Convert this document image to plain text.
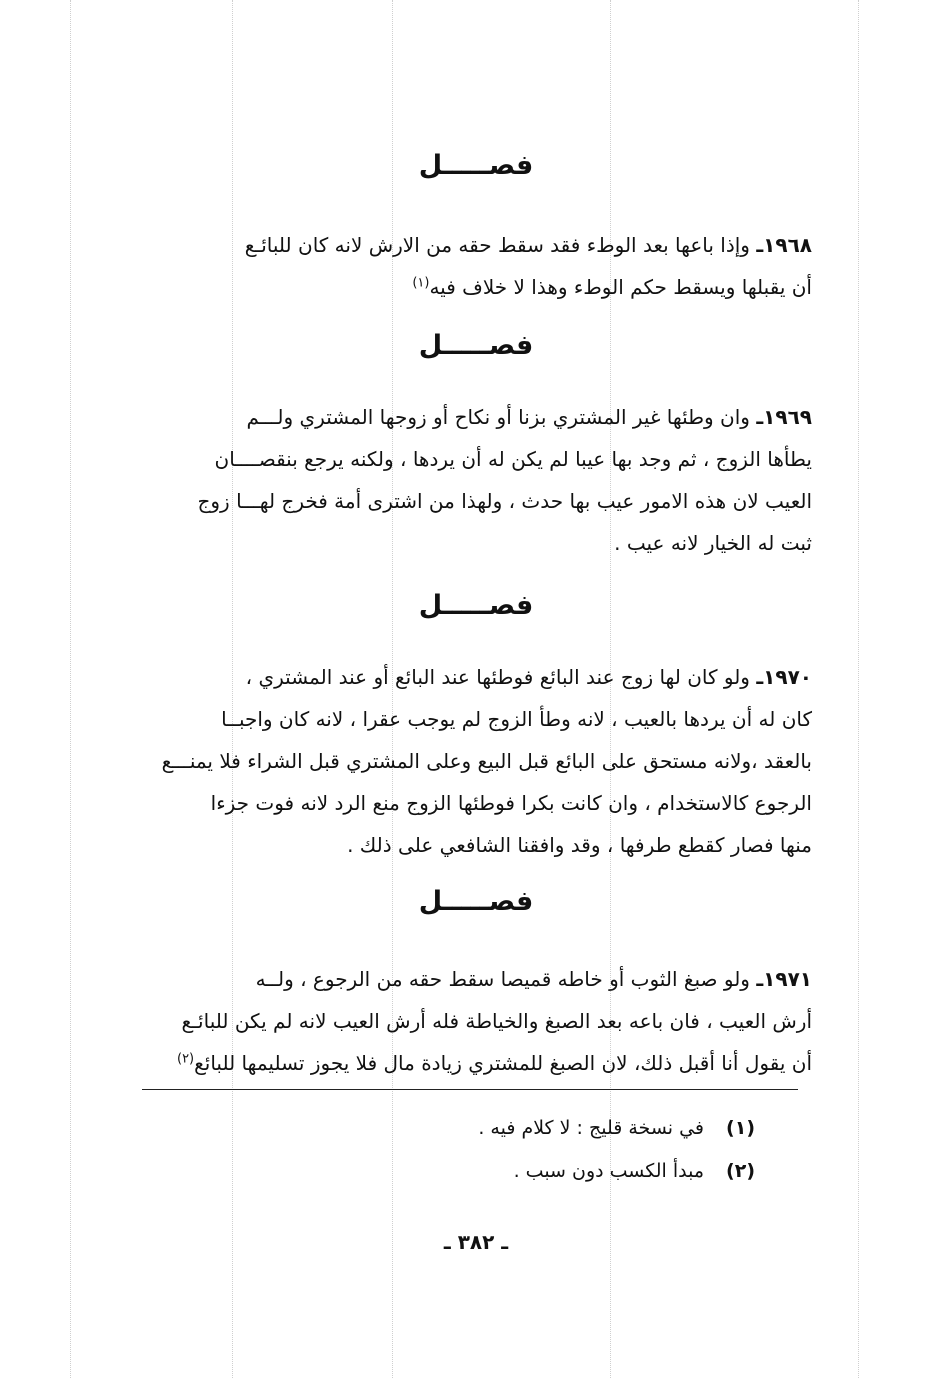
فصـــــل
١٩٦٨ـ وإذا باعها بعد الوطء فقد سقط حقه من الارش لانه كان للبائـع
أن يقبلها ويسقط حكم الوطء وهذا لا خلاف فيه$^{(١)}$
فصـــــل
١٩٦٩ـ وان وطئها غير المشتري بزنا أو نكاح أو زوجها المشتري ولـــم
يطأها الزوج ، ثم وجد بها عيبا لم يكن له أن يردها ، ولكنه يرجع بنقصــــان
العيب لان هذه الامور عيب بها حدث ، ولهذا من اشترى أمة فخرج لهـــا زوج
ثبت له الخيار لانه عيب .
فصـــــل
١٩٧٠ـ ولو كان لها زوج عند البائع فوطئها عند البائع أو عند المشتري ،
كان له أن يردها بالعيب ، لانه وطأ الزوج لم يوجب عقرا ، لانه كان واجبــا
بالعقد ،ولانه مستحق على البائع قبل البيع وعلى المشتري قبل الشراء فلا يمنـــع
الرجوع كالاستخدام ، وان كانت بكرا فوطئها الزوج منع الرد لانه فوت جزءا
منها فصار كقطع طرفها ، وقد وافقنا الشافعي على ذلك .
فصـــــل
١٩٧١ـ ولو صبغ الثوب أو خاطه قميصا سقط حقه من الرجوع ، ولــه
أرش العيب ، فان باعه بعد الصبغ والخياطة فله أرش العيب لانه لم يكن للبائـع
أن يقول أنا أقبل ذلك، لان الصبغ للمشتري زيادة مال فلا يجوز تسليمها للبائع$^{(٢)}$
(١)في نسخة قليج : لا كلام فيه .
(٢)مبدأ الكسب دون سبب .
ـ ٣٨٢ ـ
